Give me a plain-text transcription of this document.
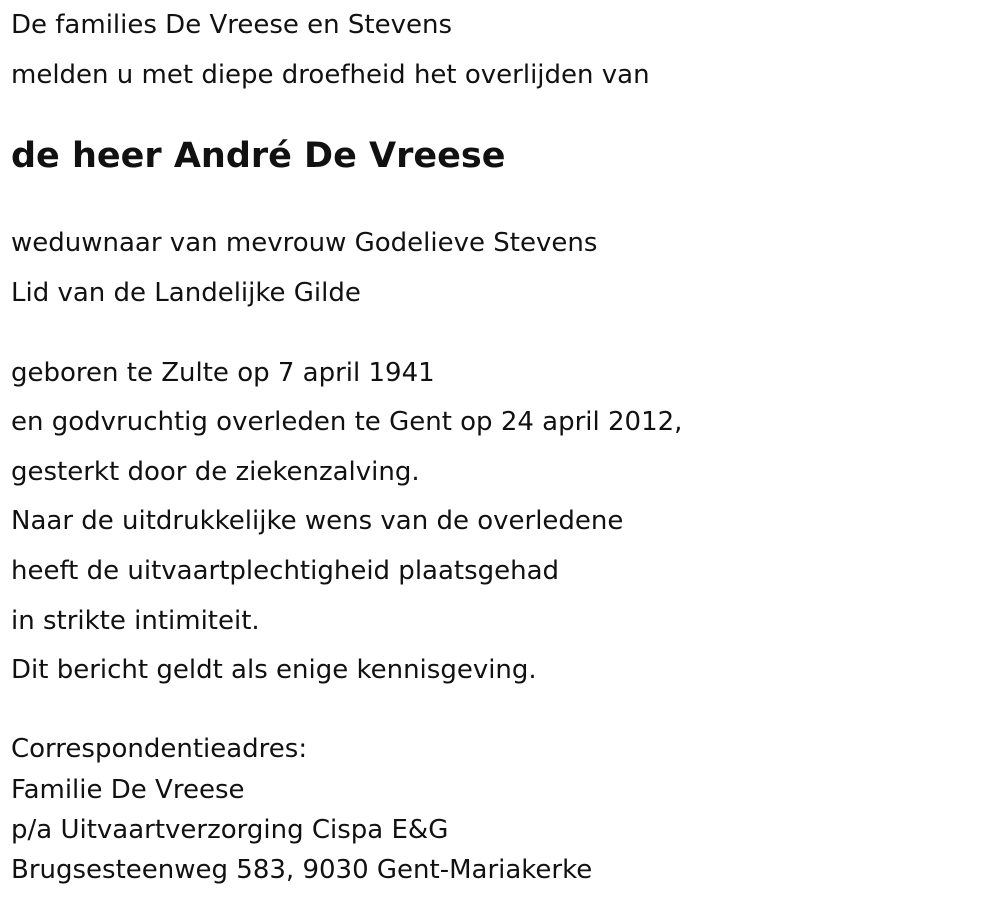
De families De Vreese en Stevens
melden u met diepe droefheid het overlijden van
de heer André De Vreese
weduwnaar van mevrouw Godelieve Stevens
Lid van de Landelijke Gilde
geboren te Zulte op 7 april 1941
en godvruchtig overleden te Gent op 24 april 2012,
gesterkt door de ziekenzalving.
Naar de uitdrukkelijke wens van de overledene
heeft de uitvaartplechtigheid plaatsgehad
in strikte intimiteit.
Dit bericht geldt als enige kennisgeving.
Correspondentieadres:
Familie De Vreese
p/a Uitvaartverzorging Cispa E&G
Brugsesteenweg 583, 9030 Gent-Mariakerke
